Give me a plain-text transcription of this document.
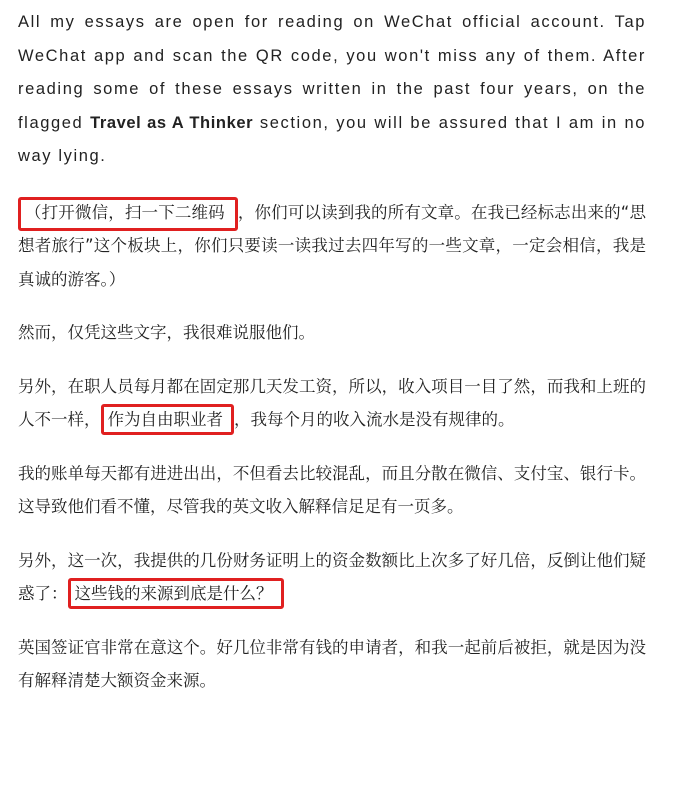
All my essays are open for reading on WeChat official account. Tap WeChat app and scan the QR code, you won't miss any of them. After reading some of these essays written in the past four years, on the flagged Travel as A Thinker section, you will be assured that I am in no way lying.

（打开微信，扫一下二维码 ，你们可以读到我的所有文章。在我已经标志出来的“思想者旅行”这个板块上，你们只要读一读我过去四年写的一些文章，一定会相信，我是真诚的游客。）

然而，仅凭这些文字，我很难说服他们。

另外，在职人员每月都在固定那几天发工资，所以，收入项目一目了然，而我和上班的人不一样， 作为自由职业者 ，我每个月的收入流水是没有规律的。

我的账单每天都有进进出出，不但看去比较混乱，而且分散在微信、支付宝、银行卡。这导致他们看不懂，尽管我的英文收入解释信足足有一页多。

另外，这一次，我提供的几份财务证明上的资金数额比上次多了好几倍，反倒让他们疑惑了： 这些钱的来源到底是什么？

英国签证官非常在意这个。好几位非常有钱的申请者，和我一起前后被拒，就是因为没有解释清楚大额资金来源。
